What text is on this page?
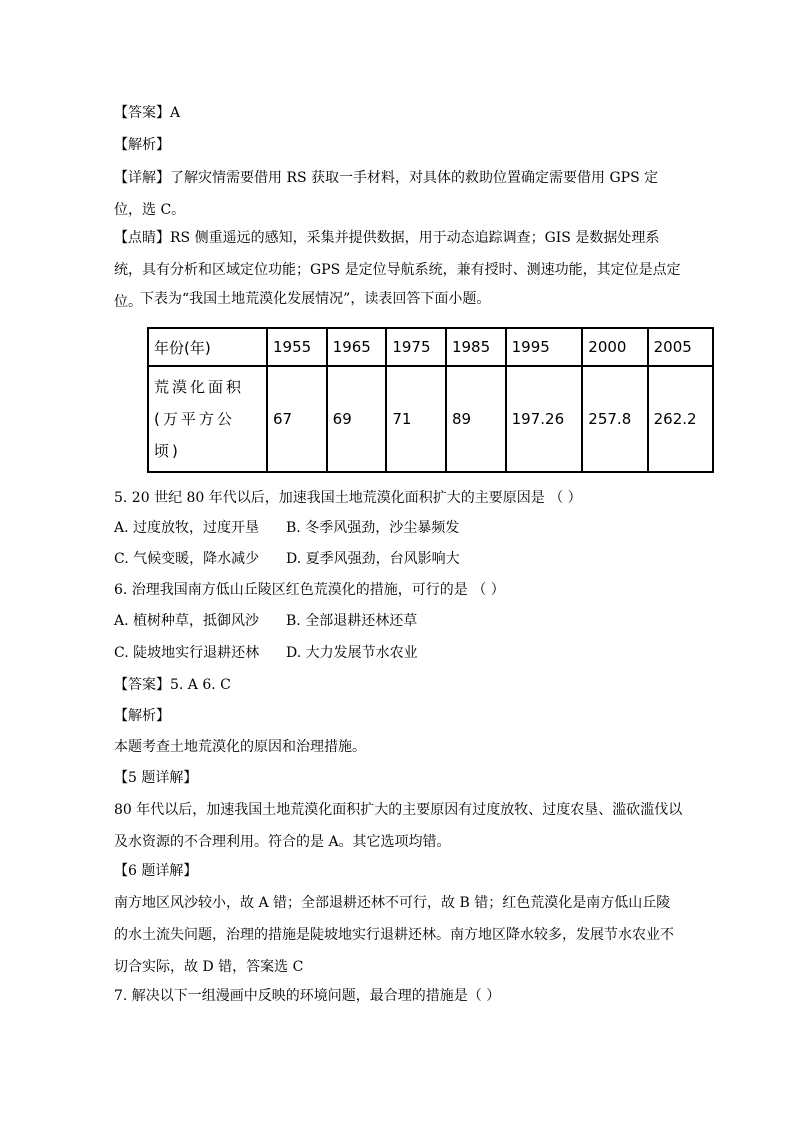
【答案】A
【解析】
【详解】了解灾情需要借用 RS 获取一手材料，对具体的救助位置确定需要借用 GPS 定位，选 C。
【点睛】RS 侧重遥远的感知，采集并提供数据，用于动态追踪调查；GIS 是数据处理系统，具有分析和区域定位功能；GPS 是定位导航系统，兼有授时、测速功能，其定位是点定位。
下表为“我国土地荒漠化发展情况”，读表回答下面小题。
年份(年)	1955	1965	1975	1985	1995	2000	2005
荒漠化面积(万平方公顷)	67	69	71	89	197.26	257.8	262.2
5. 20 世纪 80 年代以后，加速我国土地荒漠化面积扩大的主要原因是 （ ）
A. 过度放牧，过度开垦 B. 冬季风强劲，沙尘暴频发
C. 气候变暖，降水减少 D. 夏季风强劲，台风影响大
6. 治理我国南方低山丘陵区红色荒漠化的措施，可行的是 （ ）
A. 植树种草，抵御风沙 B. 全部退耕还林还草
C. 陡坡地实行退耕还林 D. 大力发展节水农业
【答案】5. A 6. C
【解析】
本题考查土地荒漠化的原因和治理措施。
【5 题详解】
80 年代以后，加速我国土地荒漠化面积扩大的主要原因有过度放牧、过度农垦、滥砍滥伐以及水资源的不合理利用。符合的是 A。其它选项均错。
【6 题详解】
南方地区风沙较小，故 A 错；全部退耕还林不可行，故 B 错；红色荒漠化是南方低山丘陵的水土流失问题，治理的措施是陡坡地实行退耕还林。南方地区降水较多，发展节水农业不切合实际，故 D 错，答案选 C
7. 解决以下一组漫画中反映的环境问题，最合理的措施是（ ）
